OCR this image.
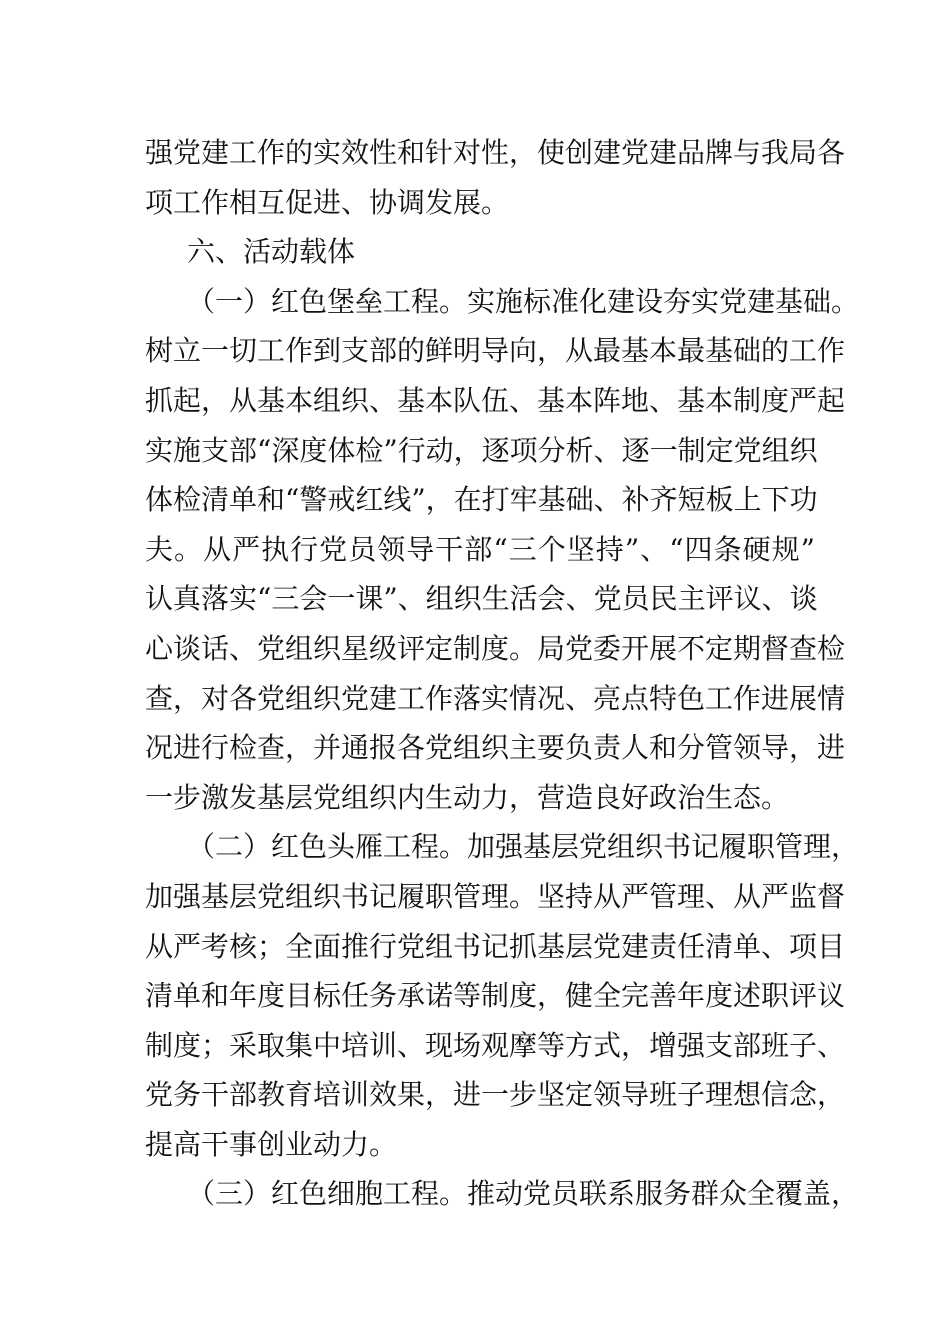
强党建工作的实效性和针对性，使创建党建品牌与我局各
项工作相互促进、协调发展。
六、活动载体
（一）红色堡垒工程。实施标准化建设夯实党建基础。
树立一切工作到支部的鲜明导向，从最基本最基础的工作
抓起，从基本组织、基本队伍、基本阵地、基本制度严起
实施支部“深度体检”行动，逐项分析、逐一制定党组织
体检清单和“警戒红线”，在打牢基础、补齐短板上下功
夫。从严执行党员领导干部“三个坚持”、“四条硬规”
认真落实“三会一课”、组织生活会、党员民主评议、谈
心谈话、党组织星级评定制度。局党委开展不定期督查检
查，对各党组织党建工作落实情况、亮点特色工作进展情
况进行检查，并通报各党组织主要负责人和分管领导，进
一步激发基层党组织内生动力，营造良好政治生态。
（二）红色头雁工程。加强基层党组织书记履职管理，
加强基层党组织书记履职管理。坚持从严管理、从严监督
从严考核；全面推行党组书记抓基层党建责任清单、项目
清单和年度目标任务承诺等制度，健全完善年度述职评议
制度；采取集中培训、现场观摩等方式，增强支部班子、
党务干部教育培训效果，进一步坚定领导班子理想信念，
提高干事创业动力。
（三）红色细胞工程。推动党员联系服务群众全覆盖，
